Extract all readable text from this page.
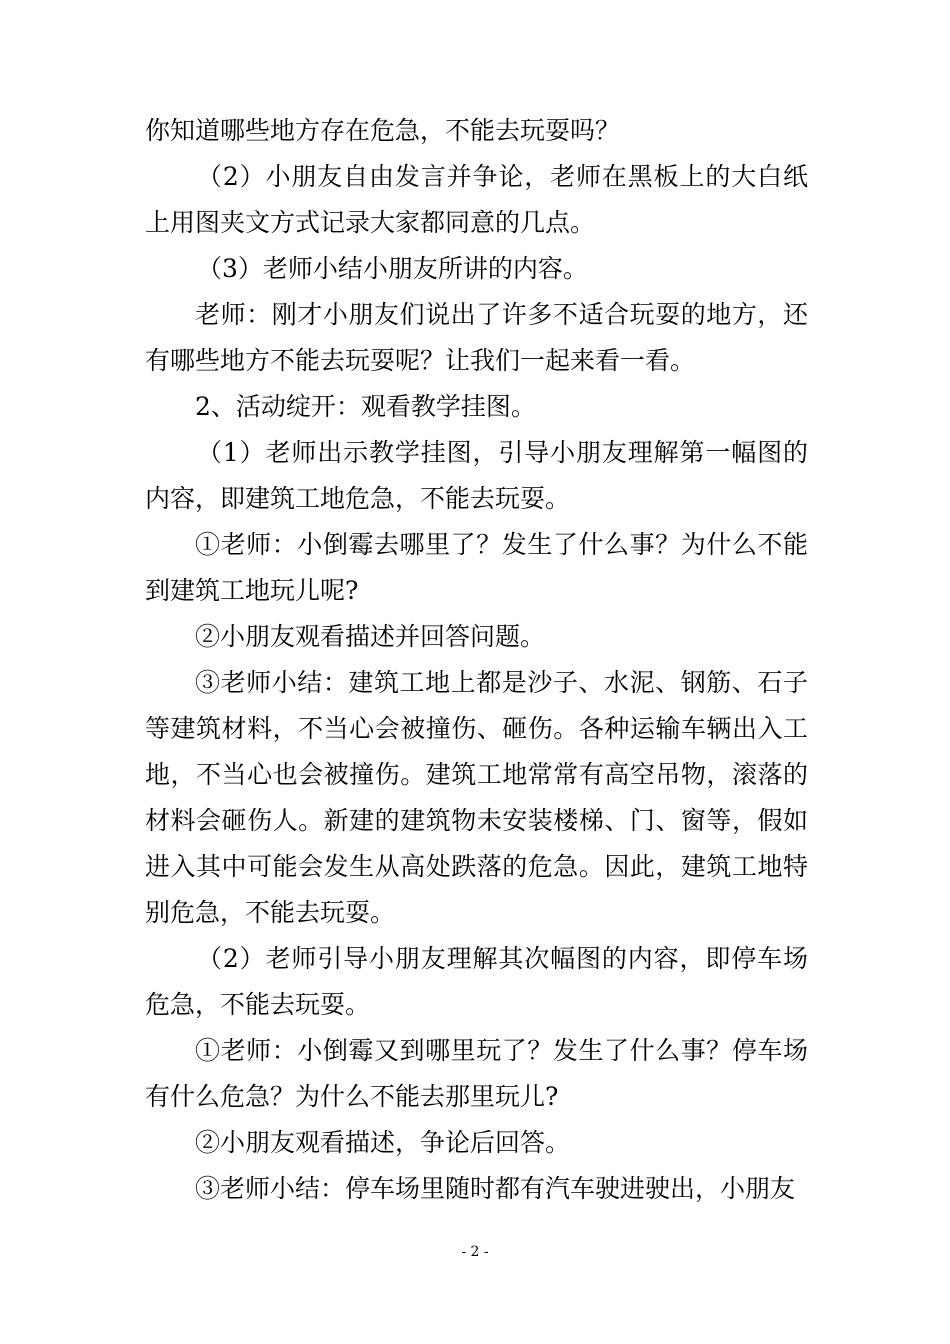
你知道哪些地方存在危急，不能去玩耍吗？

（2）小朋友自由发言并争论，老师在黑板上的大白纸上用图夹文方式记录大家都同意的几点。

（3）老师小结小朋友所讲的内容。

老师：刚才小朋友们说出了许多不适合玩耍的地方，还有哪些地方不能去玩耍呢？让我们一起来看一看。

2、活动绽开：观看教学挂图。

（1）老师出示教学挂图，引导小朋友理解第一幅图的内容，即建筑工地危急，不能去玩耍。

①老师：小倒霉去哪里了？发生了什么事？为什么不能到建筑工地玩儿呢?

②小朋友观看描述并回答问题。

③老师小结：建筑工地上都是沙子、水泥、钢筋、石子等建筑材料，不当心会被撞伤、砸伤。各种运输车辆出入工地，不当心也会被撞伤。建筑工地常常有高空吊物，滚落的材料会砸伤人。新建的建筑物未安装楼梯、门、窗等，假如进入其中可能会发生从高处跌落的危急。因此，建筑工地特别危急，不能去玩耍。

（2）老师引导小朋友理解其次幅图的内容，即停车场危急，不能去玩耍。

①老师：小倒霉又到哪里玩了？发生了什么事？停车场有什么危急？为什么不能去那里玩儿?

②小朋友观看描述，争论后回答。

③老师小结：停车场里随时都有汽车驶进驶出，小朋友

- 2 -
